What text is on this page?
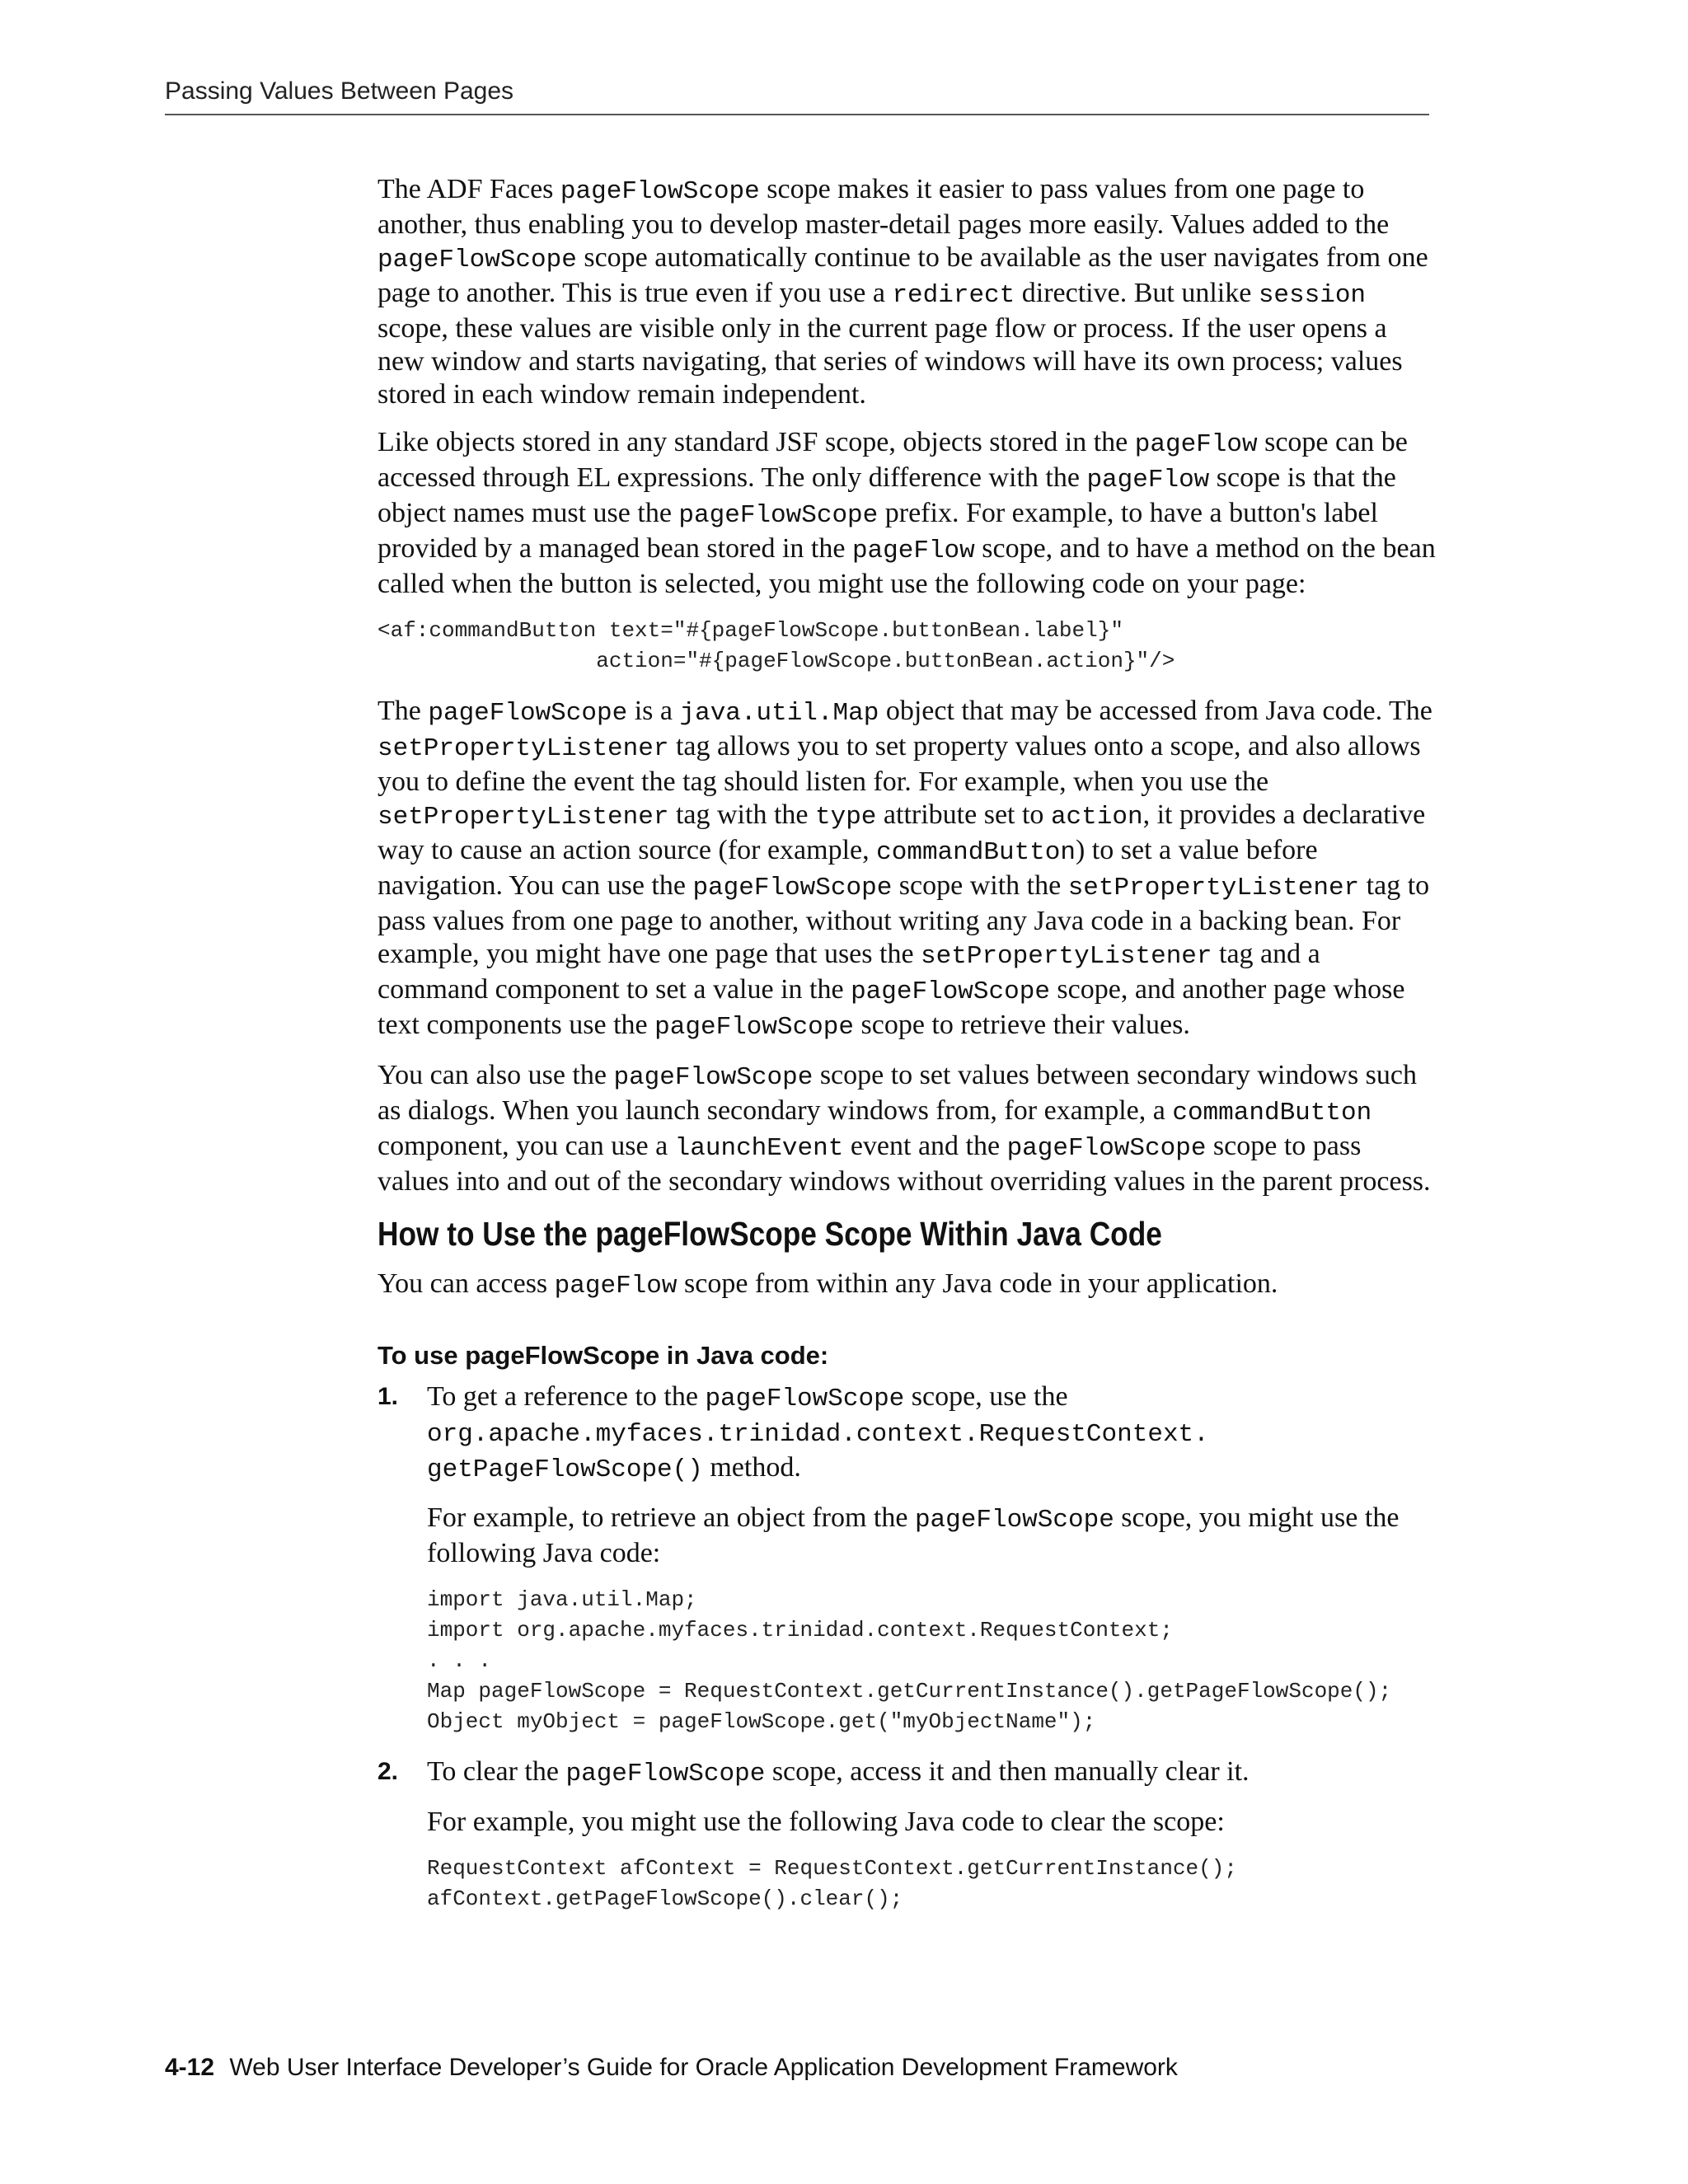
Passing Values Between Pages

The ADF Faces pageFlowScope scope makes it easier to pass values from one page to another, thus enabling you to develop master-detail pages more easily. Values added to the pageFlowScope scope automatically continue to be available as the user navigates from one page to another. This is true even if you use a redirect directive. But unlike session scope, these values are visible only in the current page flow or process. If the user opens a new window and starts navigating, that series of windows will have its own process; values stored in each window remain independent.

Like objects stored in any standard JSF scope, objects stored in the pageFlow scope can be accessed through EL expressions. The only difference with the pageFlow scope is that the object names must use the pageFlowScope prefix. For example, to have a button's label provided by a managed bean stored in the pageFlow scope, and to have a method on the bean called when the button is selected, you might use the following code on your page:

<af:commandButton text="#{pageFlowScope.buttonBean.label}"
action="#{pageFlowScope.buttonBean.action}"/>

The pageFlowScope is a java.util.Map object that may be accessed from Java code. The setPropertyListener tag allows you to set property values onto a scope, and also allows you to define the event the tag should listen for. For example, when you use the setPropertyListener tag with the type attribute set to action, it provides a declarative way to cause an action source (for example, commandButton) to set a value before navigation. You can use the pageFlowScope scope with the setPropertyListener tag to pass values from one page to another, without writing any Java code in a backing bean. For example, you might have one page that uses the setPropertyListener tag and a command component to set a value in the pageFlowScope scope, and another page whose text components use the pageFlowScope scope to retrieve their values.

You can also use the pageFlowScope scope to set values between secondary windows such as dialogs. When you launch secondary windows from, for example, a commandButton component, you can use a launchEvent event and the pageFlowScope scope to pass values into and out of the secondary windows without overriding values in the parent process.

How to Use the pageFlowScope Scope Within Java Code

You can access pageFlow scope from within any Java code in your application.

To use pageFlowScope in Java code:
1. To get a reference to the pageFlowScope scope, use the org.apache.myfaces.trinidad.context.RequestContext. getPageFlowScope() method.

For example, to retrieve an object from the pageFlowScope scope, you might use the following Java code:

import java.util.Map;
import org.apache.myfaces.trinidad.context.RequestContext;
. . .
Map pageFlowScope = RequestContext.getCurrentInstance().getPageFlowScope();
Object myObject = pageFlowScope.get("myObjectName");
2. To clear the pageFlowScope scope, access it and then manually clear it.

For example, you might use the following Java code to clear the scope:

RequestContext afContext = RequestContext.getCurrentInstance();
afContext.getPageFlowScope().clear();
4-12 Web User Interface Developer’s Guide for Oracle Application Development Framework
